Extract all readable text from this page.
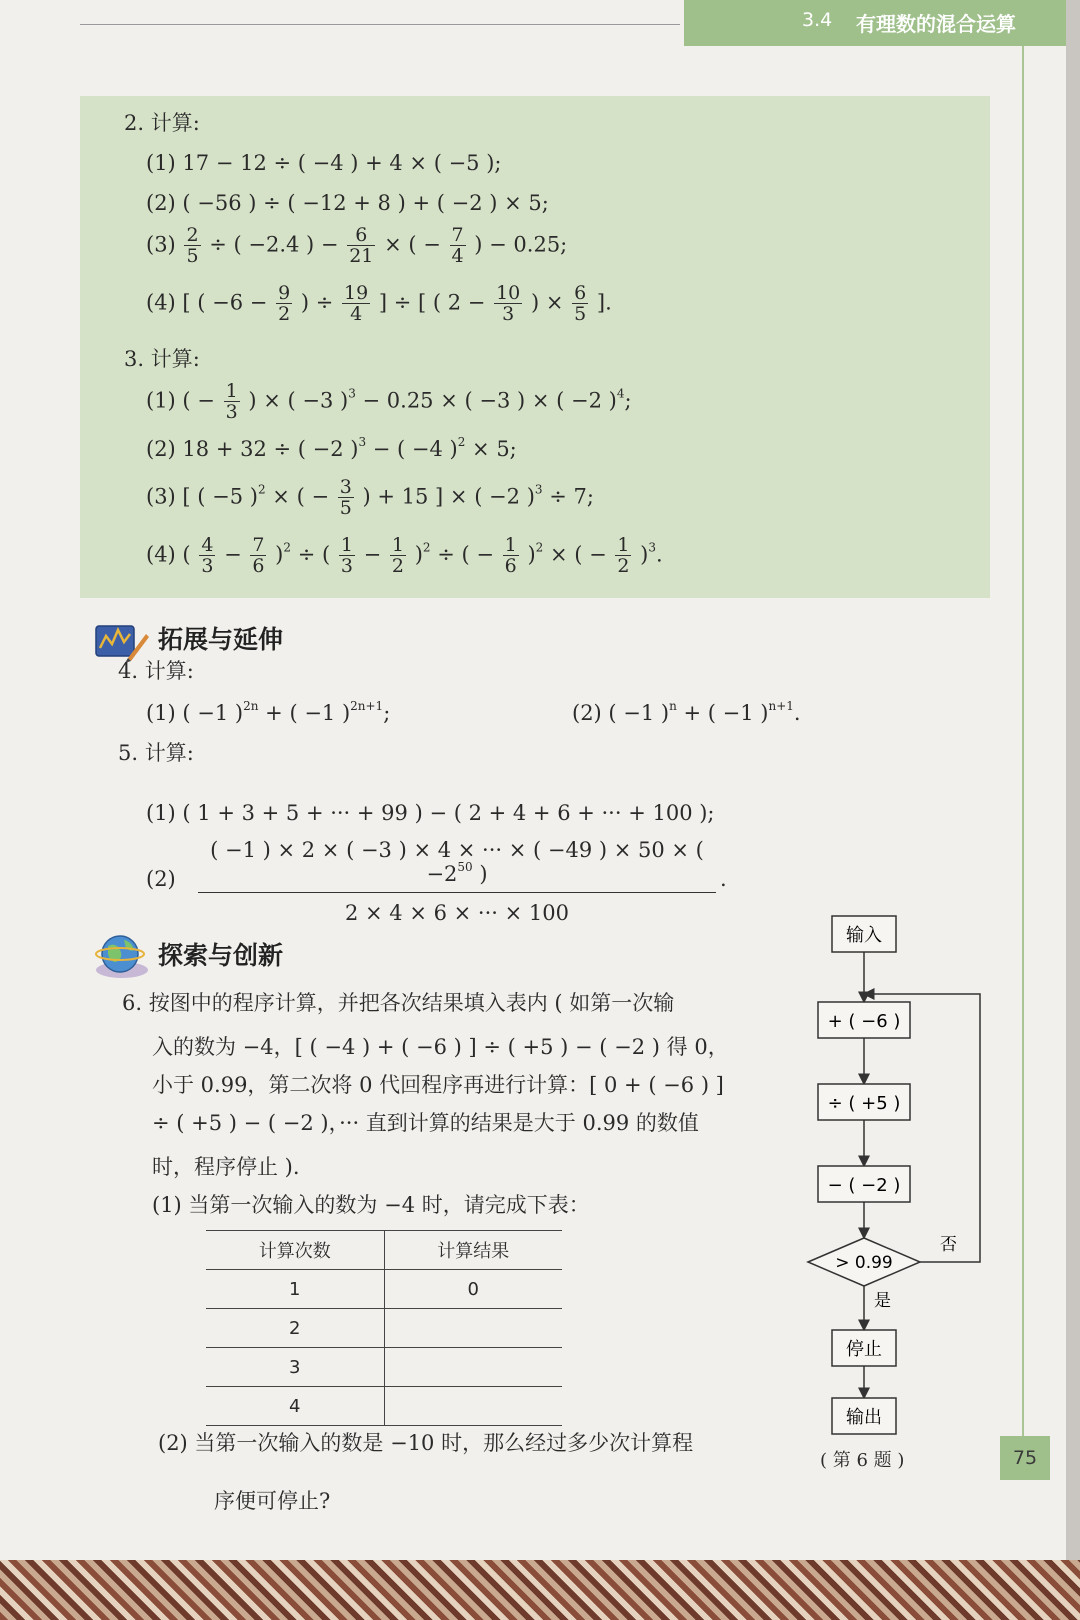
3.4 有理数的混合运算
2. 计算:
(1) 17 − 12 ÷ ( −4 ) + 4 × ( −5 );
(2) ( −56 ) ÷ ( −12 + 8 ) + ( −2 ) × 5;
$(3) \frac{2}{5}$ ÷ ( −2.4 ) − $\frac{6}{21}$ × ( − $\frac{7}{4}$ ) − 0.25;
(4) [ ( $-6 - \frac{9}{2}$ ) ÷ $\frac{19}{4}$ ] ÷ [ ( $2 - \frac{10}{3}$ ) × $\frac{6}{5}$ ].
3. 计算:
(1) ( − $\frac{1}{3}$ ) × ( −3 )$^3$ − 0.25 × ( −3 ) × ( −2 )$^4$;
(2) 18 + 32 ÷ ( −2 )$^3$ − ( −4 )$^2$ × 5;
(3) [ ( −5 )$^2$ × ( − $\frac{3}{5}$ ) + 15 ] × ( −2 )$^3$ ÷ 7;
(4) ( $\frac{4}{3} - \frac{7}{6} )^2$ ÷ ( $\frac{1}{3} - \frac{1}{2} )^2$ ÷ ( − $\frac{1}{6} )^2$ × ( − $\frac{1}{2} )^3$.
拓展与延伸
4. 计算:
(1) ( −1 )$^{2n}$ + ( −1 )$^{2n+1}$;	(2) ( −1 )$^n$ + ( −1 )$^{n+1}$.
5. 计算:
(1) ( 1 + 3 + 5 + ··· + 99 ) − ( 2 + 4 + 6 + ··· + 100 );
$(2) \frac{( -1 ) \times 2 \times ( -3 ) \times 4 \times \cdot\cdot\cdot \times ( -49 ) \times 50 \times ( -2^{50} )}{2 \times 4 \times 6 \times \cdot\cdot\cdot \times 100}$ .
探索与创新
6. 按图中的程序计算，并把各次结果填入表内 ( 如第一次输
入的数为 −4，[ ( −4 ) + ( −6 ) ] ÷ ( +5 ) − ( −2 ) 得 0，
小于 0.99，第二次将 0 代回程序再进行计算：[ 0 + ( −6 ) ]
÷ ( +5 ) − ( −2 )，··· 直到计算的结果是大于 0.99 的数值
时，程序停止 ).
(1) 当第一次输入的数为 −4 时，请完成下表：
计算次数	计算结果
1	0
2	
3	
4	
(2) 当第一次输入的数是 −10 时，那么经过多少次计算程
序便可停止?
输入
+ ( −6 )
÷ ( +5 )
− ( −2 )
> 0.99
否
是
停止
输出
( 第 6 题 )	75
